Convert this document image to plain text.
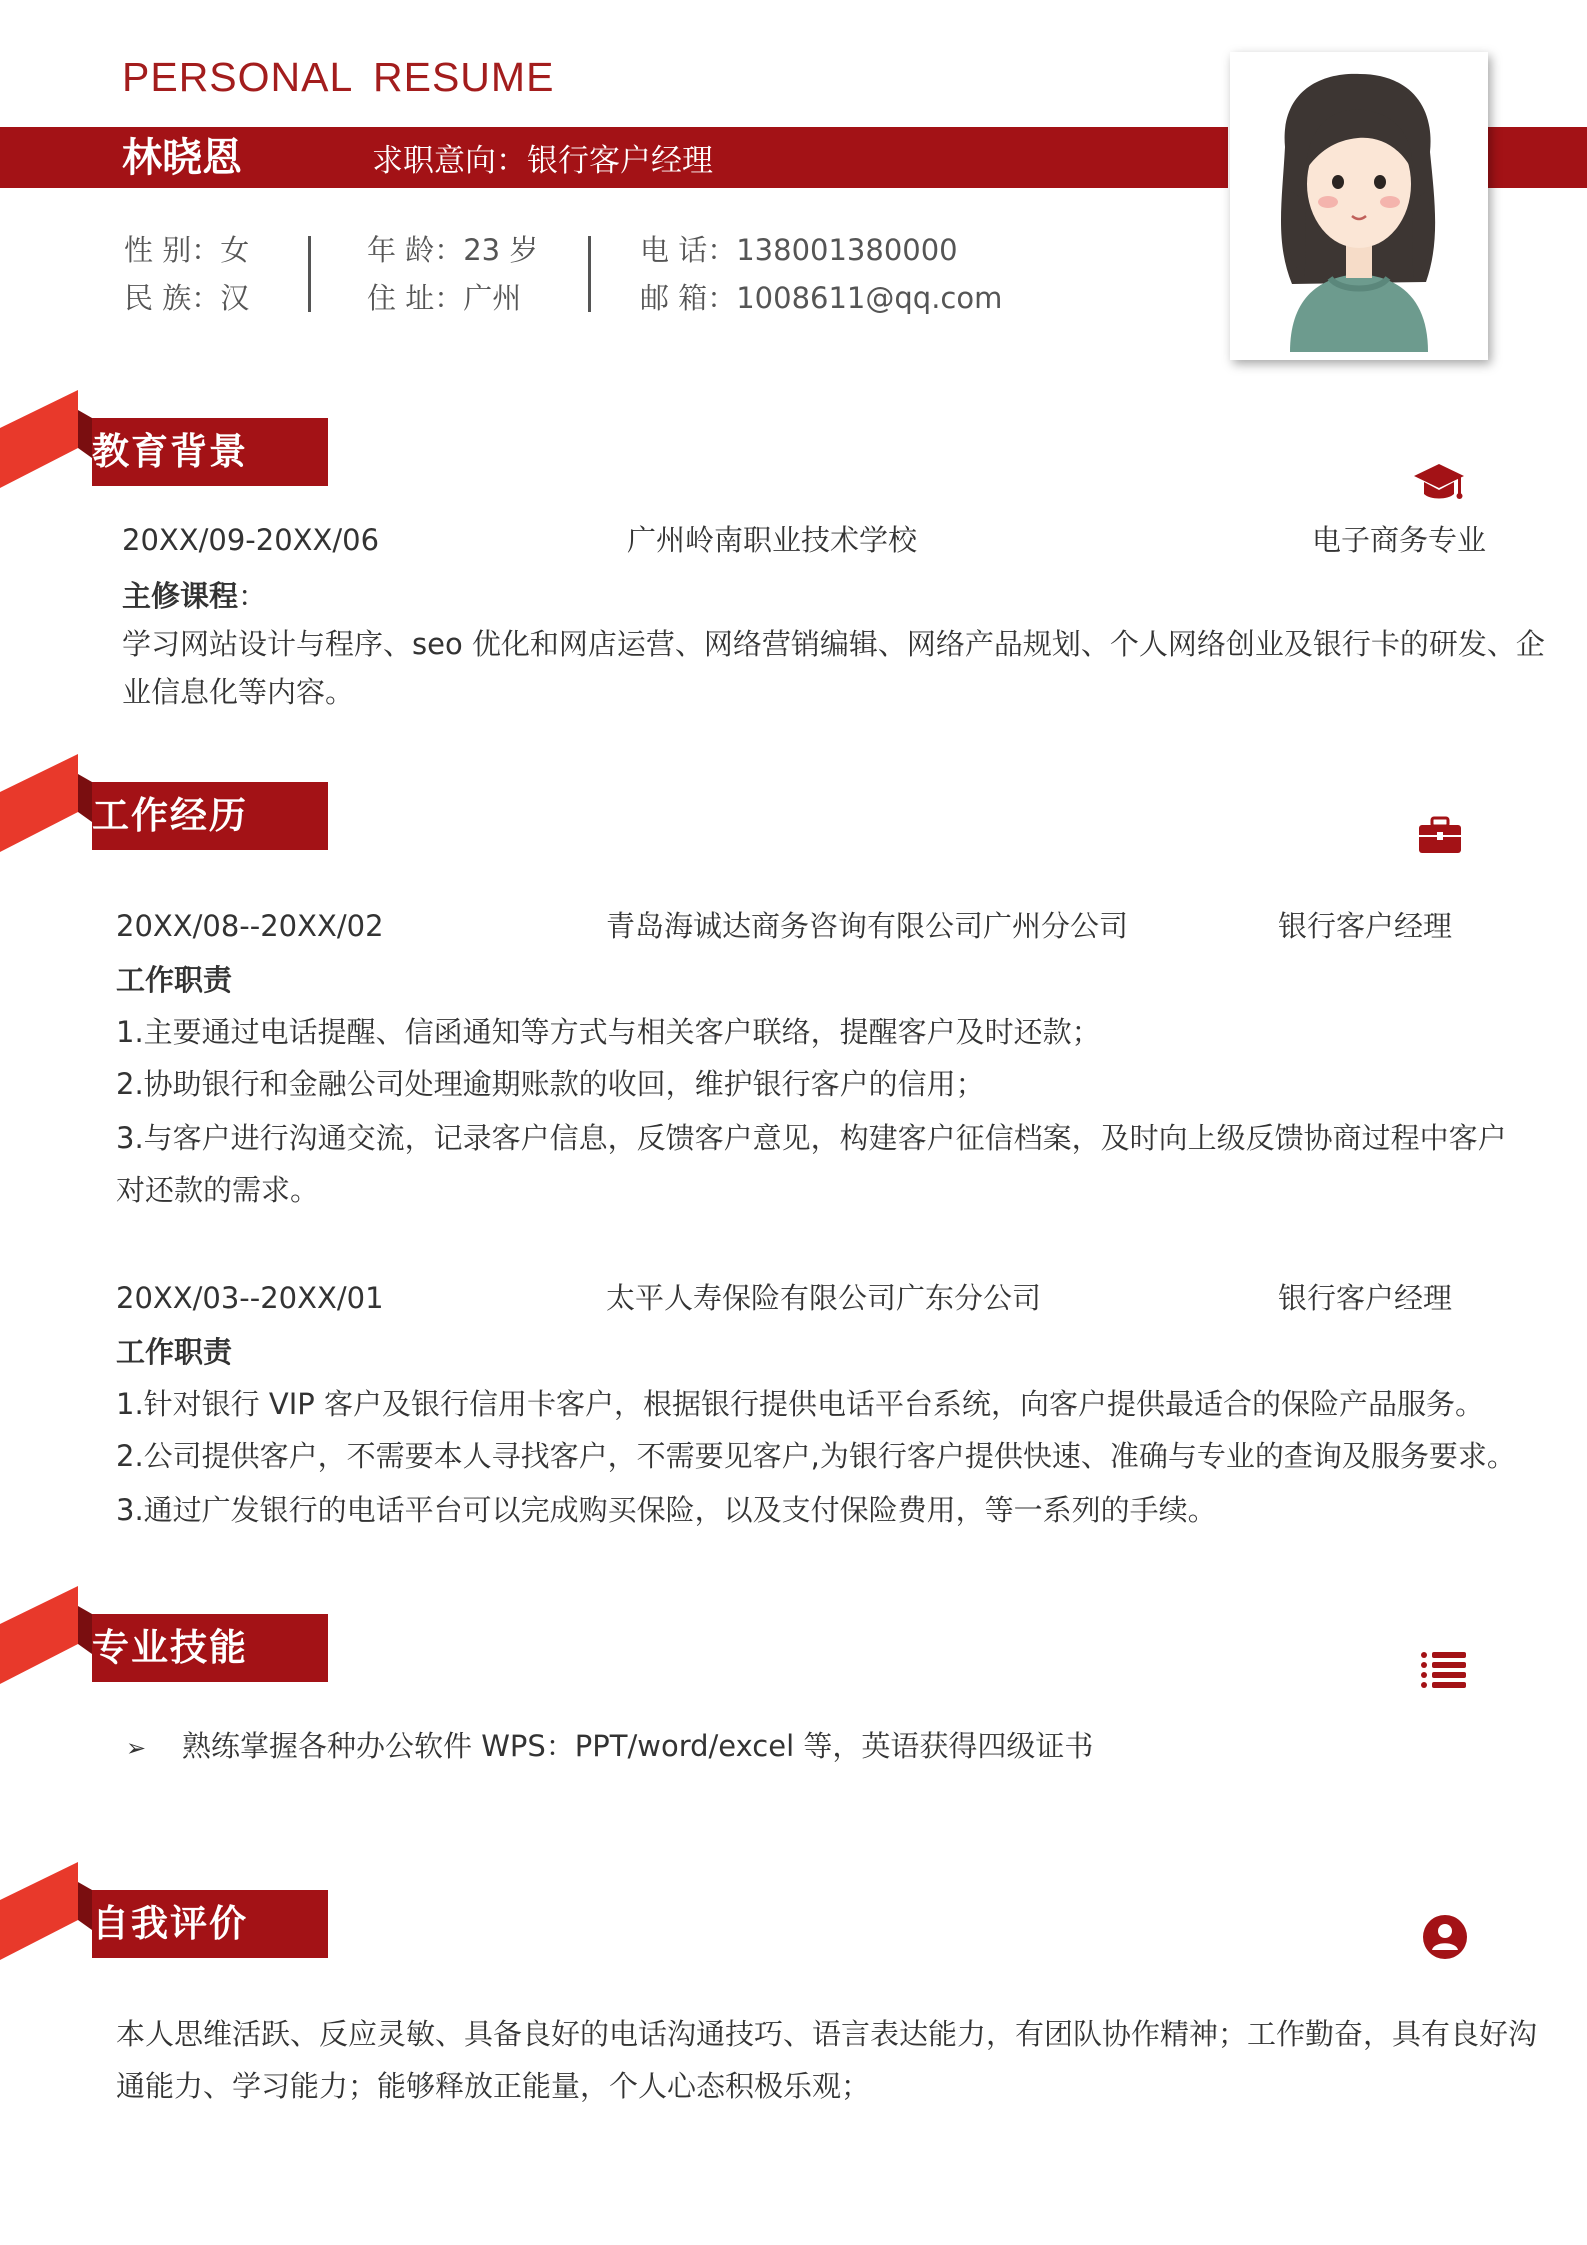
PERSONAL RESUME
林晓恩	求职意向：银行客户经理
性 别：女
民 族：汉
年 龄：23 岁
住 址：广州
电 话：138001380000
邮 箱：1008611@qq.com
教育背景
20XX/09-20XX/06	广州岭南职业技术学校	电子商务专业
主修课程：
学习网站设计与程序、seo 优化和网店运营、网络营销编辑、网络产品规划、个人网络创业及银行卡的研发、企
业信息化等内容。
工作经历
20XX/08--20XX/02	青岛海诚达商务咨询有限公司广州分公司	银行客户经理
工作职责
1.主要通过电话提醒、信函通知等方式与相关客户联络，提醒客户及时还款；
2.协助银行和金融公司处理逾期账款的收回，维护银行客户的信用；
3.与客户进行沟通交流，记录客户信息，反馈客户意见，构建客户征信档案，及时向上级反馈协商过程中客户
对还款的需求。
20XX/03--20XX/01	太平人寿保险有限公司广东分公司	银行客户经理
工作职责
1.针对银行 VIP 客户及银行信用卡客户，根据银行提供电话平台系统，向客户提供最适合的保险产品服务。
2.公司提供客户，不需要本人寻找客户，不需要见客户,为银行客户提供快速、准确与专业的查询及服务要求。
3.通过广发银行的电话平台可以完成购买保险，以及支付保险费用，等一系列的手续。
专业技能
➢ 熟练掌握各种办公软件 WPS：PPT/word/excel 等，英语获得四级证书
自我评价
本人思维活跃、反应灵敏、具备良好的电话沟通技巧、语言表达能力，有团队协作精神；工作勤奋，具有良好沟
通能力、学习能力；能够释放正能量，个人心态积极乐观；
